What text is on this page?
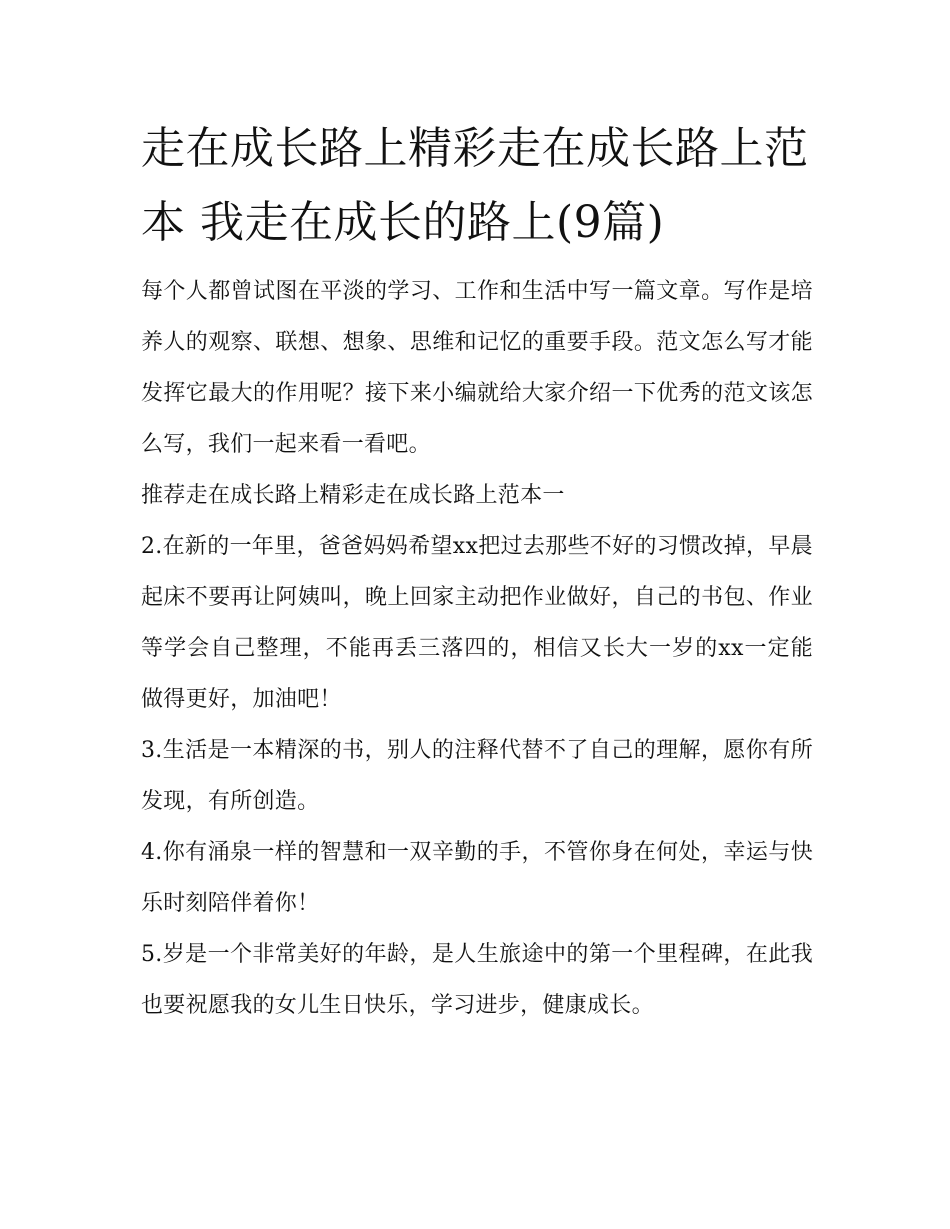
走在成长路上精彩走在成长路上范本 我走在成长的路上(9篇)

每个人都曾试图在平淡的学习、工作和生活中写一篇文章。写作是培养人的观察、联想、想象、思维和记忆的重要手段。范文怎么写才能发挥它最大的作用呢？接下来小编就给大家介绍一下优秀的范文该怎么写，我们一起来看一看吧。

推荐走在成长路上精彩走在成长路上范本一

2.在新的一年里，爸爸妈妈希望xx把过去那些不好的习惯改掉，早晨起床不要再让阿姨叫，晚上回家主动把作业做好，自己的书包、作业等学会自己整理，不能再丢三落四的，相信又长大一岁的xx一定能做得更好，加油吧！

3.生活是一本精深的书，别人的注释代替不了自己的理解，愿你有所发现，有所创造。

4.你有涌泉一样的智慧和一双辛勤的手，不管你身在何处，幸运与快乐时刻陪伴着你！

5.岁是一个非常美好的年龄，是人生旅途中的第一个里程碑，在此我也要祝愿我的女儿生日快乐，学习进步，健康成长。
